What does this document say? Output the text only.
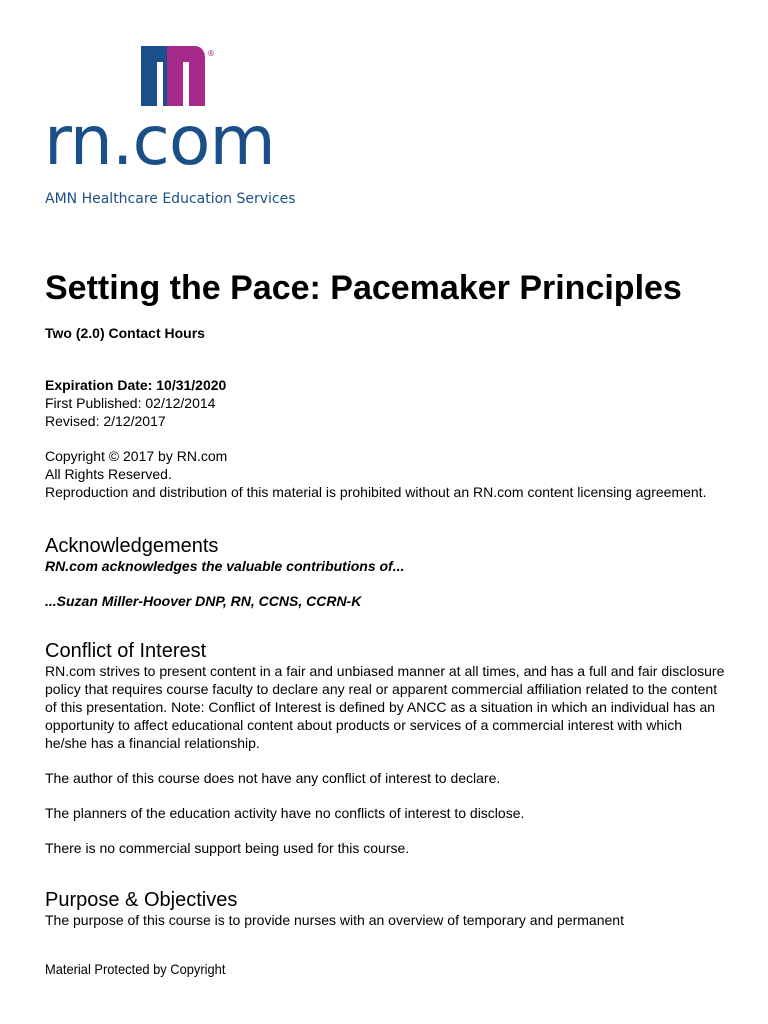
®
rn.com
AMN Healthcare Education Services
Setting the Pace: Pacemaker Principles

Two (2.0) Contact Hours

Expiration Date: 10/31/2020
First Published: 02/12/2014
Revised: 2/12/2017
Copyright © 2017 by RN.com
All Rights Reserved.
Reproduction and distribution of this material is prohibited without an RN.com content licensing agreement.
Acknowledgements
RN.com acknowledges the valuable contributions of...
...Suzan Miller-Hoover DNP, RN, CCNS, CCRN-K
Conflict of Interest

RN.com strives to present content in a fair and unbiased manner at all times, and has a full and fair disclosure policy that requires course faculty to declare any real or apparent commercial affiliation related to the content of this presentation. Note: Conflict of Interest is defined by ANCC as a situation in which an individual has an opportunity to affect educational content about products or services of a commercial interest with which he/she has a financial relationship.

The author of this course does not have any conflict of interest to declare.

The planners of the education activity have no conflicts of interest to disclose.

There is no commercial support being used for this course.

Purpose & Objectives

The purpose of this course is to provide nurses with an overview of temporary and permanent

Material Protected by Copyright
